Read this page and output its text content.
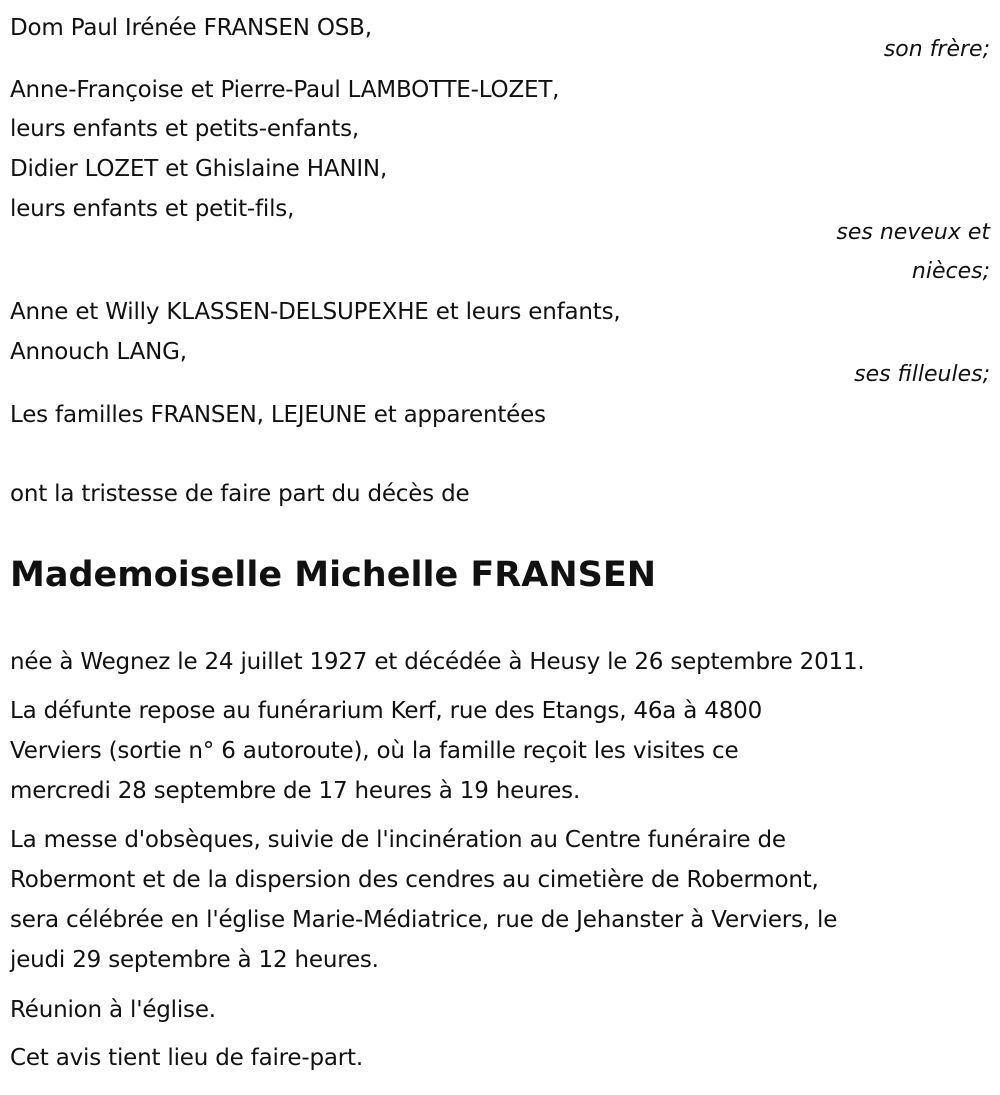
Dom Paul Irénée FRANSEN OSB,
son frère;
Anne-Françoise et Pierre-Paul LAMBOTTE-LOZET,
leurs enfants et petits-enfants,
Didier LOZET et Ghislaine HANIN,
leurs enfants et petit-fils,
ses neveux et
nièces;
Anne et Willy KLASSEN-DELSUPEXHE et leurs enfants,
Annouch LANG,
ses filleules;
Les familles FRANSEN, LEJEUNE et apparentées
ont la tristesse de faire part du décès de
Mademoiselle Michelle FRANSEN
née à Wegnez le 24 juillet 1927 et décédée à Heusy le 26 septembre 2011.
La défunte repose au funérarium Kerf, rue des Etangs, 46a à 4800
Verviers (sortie n° 6 autoroute), où la famille reçoit les visites ce
mercredi 28 septembre de 17 heures à 19 heures.
La messe d'obsèques, suivie de l'incinération au Centre funéraire de
Robermont et de la dispersion des cendres au cimetière de Robermont,
sera célébrée en l'église Marie-Médiatrice, rue de Jehanster à Verviers, le
jeudi 29 septembre à 12 heures.
Réunion à l'église.
Cet avis tient lieu de faire-part.
